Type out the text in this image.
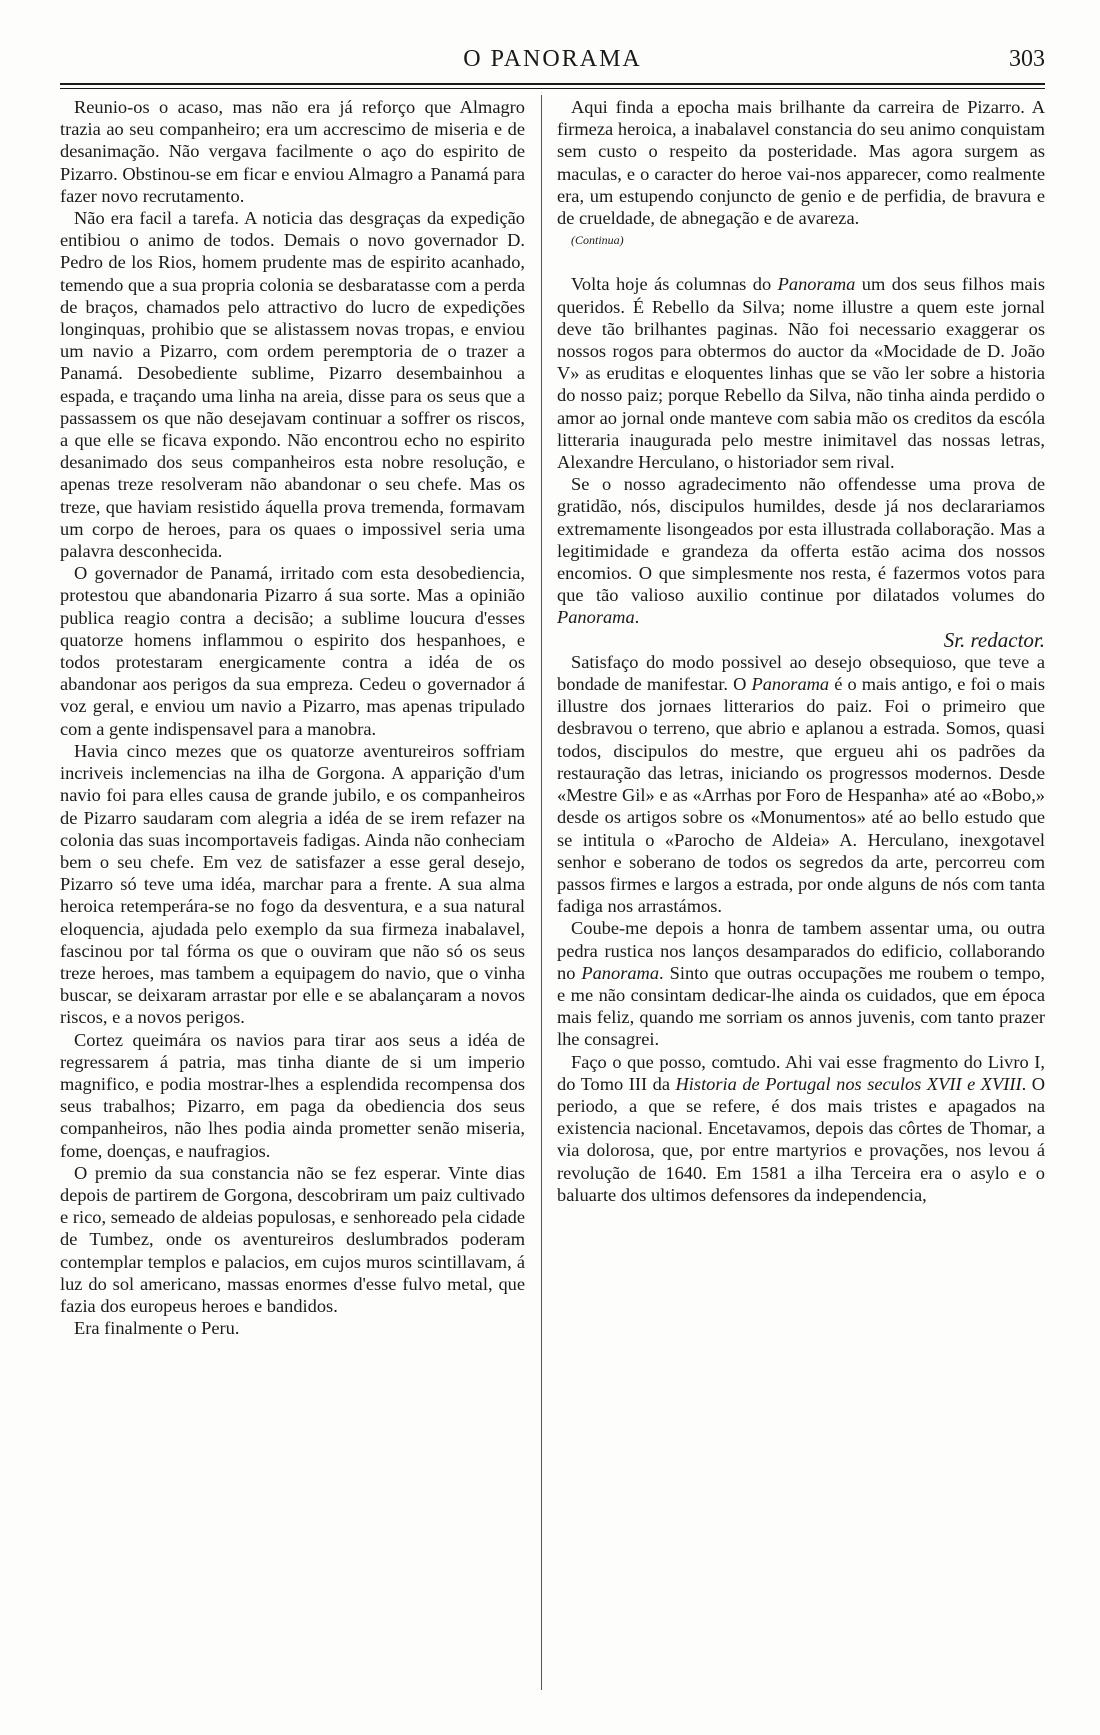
O PANORAMA	303

Reunio-os o acaso, mas não era já reforço que Almagro trazia ao seu companheiro; era um accrescimo de miseria e de desanimação. Não vergava facilmente o aço do espirito de Pizarro. Obstinou-se em ficar e enviou Almagro a Panamá para fazer novo recrutamento.

Não era facil a tarefa. A noticia das desgraças da expedição entibiou o animo de todos. Demais o novo governador D. Pedro de los Rios, homem prudente mas de espirito acanhado, temendo que a sua propria colonia se desbaratasse com a perda de braços, chamados pelo attractivo do lucro de expedições longinquas, prohibio que se alistassem novas tropas, e enviou um navio a Pizarro, com ordem peremptoria de o trazer a Panamá. Desobediente sublime, Pizarro desembainhou a espada, e traçando uma linha na areia, disse para os seus que a passassem os que não desejavam continuar a soffrer os riscos, a que elle se ficava expondo. Não encontrou echo no espirito desanimado dos seus companheiros esta nobre resolução, e apenas treze resolveram não abandonar o seu chefe. Mas os treze, que haviam resistido áquella prova tremenda, formavam um corpo de heroes, para os quaes o impossivel seria uma palavra desconhecida.

O governador de Panamá, irritado com esta desobediencia, protestou que abandonaria Pizarro á sua sorte. Mas a opinião publica reagio contra a decisão; a sublime loucura d'esses quatorze homens inflammou o espirito dos hespanhoes, e todos protestaram energicamente contra a idéa de os abandonar aos perigos da sua empreza. Cedeu o governador á voz geral, e enviou um navio a Pizarro, mas apenas tripulado com a gente indispensavel para a manobra.

Havia cinco mezes que os quatorze aventureiros soffriam incriveis inclemencias na ilha de Gorgona. A apparição d'um navio foi para elles causa de grande jubilo, e os companheiros de Pizarro saudaram com alegria a idéa de se irem refazer na colonia das suas incomportaveis fadigas. Ainda não conheciam bem o seu chefe. Em vez de satisfazer a esse geral desejo, Pizarro só teve uma idéa, marchar para a frente. A sua alma heroica retemperára-se no fogo da desventura, e a sua natural eloquencia, ajudada pelo exemplo da sua firmeza inabalavel, fascinou por tal fórma os que o ouviram que não só os seus treze heroes, mas tambem a equipagem do navio, que o vinha buscar, se deixaram arrastar por elle e se abalançaram a novos riscos, e a novos perigos.

Cortez queimára os navios para tirar aos seus a idéa de regressarem á patria, mas tinha diante de si um imperio magnifico, e podia mostrar-lhes a esplendida recompensa dos seus trabalhos; Pizarro, em paga da obediencia dos seus companheiros, não lhes podia ainda prometter senão miseria, fome, doenças, e naufragios.

O premio da sua constancia não se fez esperar. Vinte dias depois de partirem de Gorgona, descobriram um paiz cultivado e rico, semeado de aldeias populosas, e senhoreado pela cidade de Tumbez, onde os aventureiros deslumbrados poderam contemplar templos e palacios, em cujos muros scintillavam, á luz do sol americano, massas enormes d'esse fulvo metal, que fazia dos europeus heroes e bandidos.

Era finalmente o Peru.

Aqui finda a epocha mais brilhante da carreira de Pizarro. A firmeza heroica, a inabalavel constancia do seu animo conquistam sem custo o respeito da posteridade. Mas agora surgem as maculas, e o caracter do heroe vai-nos apparecer, como realmente era, um estupendo conjuncto de genio e de perfidia, de bravura e de crueldade, de abnegação e de avareza.

(Continua)

Volta hoje ás columnas do Panorama um dos seus filhos mais queridos. É Rebello da Silva; nome illustre a quem este jornal deve tão brilhantes paginas. Não foi necessario exaggerar os nossos rogos para obtermos do auctor da «Mocidade de D. João V» as eruditas e eloquentes linhas que se vão ler sobre a historia do nosso paiz; porque Rebello da Silva, não tinha ainda perdido o amor ao jornal onde manteve com sabia mão os creditos da escóla litteraria inaugurada pelo mestre inimitavel das nossas letras, Alexandre Herculano, o historiador sem rival.

Se o nosso agradecimento não offendesse uma prova de gratidão, nós, discipulos humildes, desde já nos declarariamos extremamente lisongeados por esta illustrada collaboração. Mas a legitimidade e grandeza da offerta estão acima dos nossos encomios. O que simplesmente nos resta, é fazermos votos para que tão valioso auxilio continue por dilatados volumes do Panorama.

Sr. redactor.

Satisfaço do modo possivel ao desejo obsequioso, que teve a bondade de manifestar. O Panorama é o mais antigo, e foi o mais illustre dos jornaes litterarios do paiz. Foi o primeiro que desbravou o terreno, que abrio e aplanou a estrada. Somos, quasi todos, discipulos do mestre, que ergueu ahi os padrões da restauração das letras, iniciando os progressos modernos. Desde «Mestre Gil» e as «Arrhas por Foro de Hespanha» até ao «Bobo,» desde os artigos sobre os «Monumentos» até ao bello estudo que se intitula o «Parocho de Aldeia» A. Herculano, inexgotavel senhor e soberano de todos os segredos da arte, percorreu com passos firmes e largos a estrada, por onde alguns de nós com tanta fadiga nos arrastámos.

Coube-me depois a honra de tambem assentar uma, ou outra pedra rustica nos lanços desamparados do edificio, collaborando no Panorama. Sinto que outras occupações me roubem o tempo, e me não consintam dedicar-lhe ainda os cuidados, que em época mais feliz, quando me sorriam os annos juvenis, com tanto prazer lhe consagrei.

Faço o que posso, comtudo. Ahi vai esse fragmento do Livro I, do Tomo III da Historia de Portugal nos seculos XVII e XVIII. O periodo, a que se refere, é dos mais tristes e apagados na existencia nacional. Encetavamos, depois das côrtes de Thomar, a via dolorosa, que, por entre martyrios e provações, nos levou á revolução de 1640. Em 1581 a ilha Terceira era o asylo e o baluarte dos ultimos defensores da independencia,
